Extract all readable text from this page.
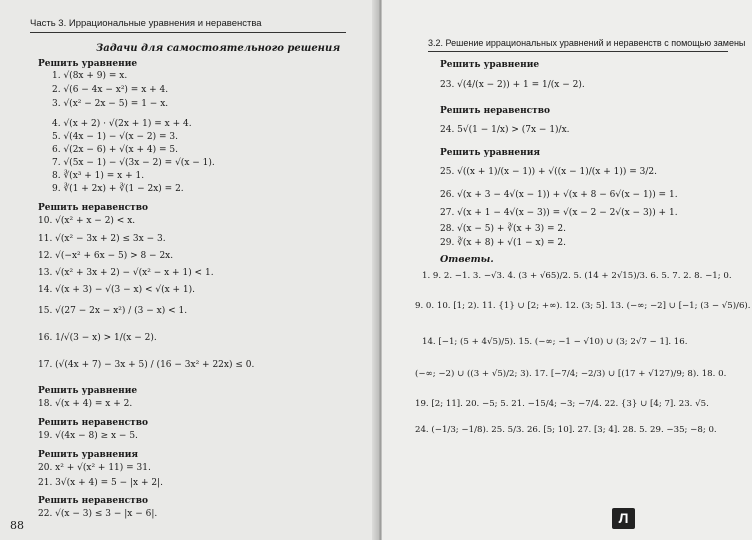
Часть 3. Иррациональные уравнения и неравенства
Задачи для самостоятельного решения
Решить уравнение
1. √(8x + 9) = x.
2. √(6 − 4x − x²) = x + 4.
3. √(x² − 2x − 5) = 1 − x.
4. √(x + 2) · √(2x + 1) = x + 4.
5. √(4x − 1) − √(x − 2) = 3.
6. √(2x − 6) + √(x + 4) = 5.
7. √(5x − 1) − √(3x − 2) = √(x − 1).
8. ∛(x³ + 1) = x + 1.
9. ∛(1 + 2x) + ∛(1 − 2x) = 2.
Решить неравенство
10. √(x² + x − 2) < x.
11. √(x² − 3x + 2) ≤ 3x − 3.
12. √(−x² + 6x − 5) > 8 − 2x.
13. √(x² + 3x + 2) − √(x² − x + 1) < 1.
14. √(x + 3) − √(3 − x) < √(x + 1).
15. √(27 − 2x − x²) / (3 − x) < 1.
16. 1/√(3 − x) > 1/(x − 2).
17. (√(4x + 7) − 3x + 5) / (16 − 3x² + 22x) ≤ 0.
Решить уравнение
18. √(x + 4) = x + 2.
Решить неравенство
19. √(4x − 8) ≥ x − 5.
Решить уравнения
20. x² + √(x² + 11) = 31.
21. 3√(x + 4) = 5 − |x + 2|.
Решить неравенство
22. √(x − 3) ≤ 3 − |x − 6|.
88
3.2. Решение иррациональных уравнений и неравенств с помощью замены
Решить уравнение
23. √(4/(x − 2)) + 1 = 1/(x − 2).
Решить неравенство
24. 5√(1 − 1/x) > (7x − 1)/x.
Решить уравнения
25. √((x + 1)/(x − 1)) + √((x − 1)/(x + 1)) = 3/2.
26. √(x + 3 − 4√(x − 1)) + √(x + 8 − 6√(x − 1)) = 1.
27. √(x + 1 − 4√(x − 3)) = √(x − 2 − 2√(x − 3)) + 1.
28. √(x − 5) + ∛(x + 3) = 2.
29. ∛(x + 8) + √(1 − x) = 2.
Ответы.
1. 9. 2. −1. 3. −√3. 4. (3 + √65)/2. 5. (14 + 2√15)/3. 6. 5. 7. 2. 8. −1; 0.
9. 0. 10. [1; 2). 11. {1} ∪ [2; +∞). 12. (3; 5]. 13. (−∞; −2] ∪ [−1; (3 − √5)/6).
14. [−1; (5 + 4√5)/5). 15. (−∞; −1 − √10) ∪ (3; 2√7 − 1]. 16.
(−∞; −2) ∪ ((3 + √5)/2; 3). 17. [−7/4; −2/3) ∪ [(17 + √127)/9; 8). 18. 0.
19. [2; 11]. 20. −5; 5. 21. −15/4; −3; −7/4. 22. {3} ∪ [4; 7]. 23. √5.
24. (−1/3; −1/8). 25. 5/3. 26. [5; 10]. 27. [3; 4]. 28. 5. 29. −35; −8; 0.
Л
